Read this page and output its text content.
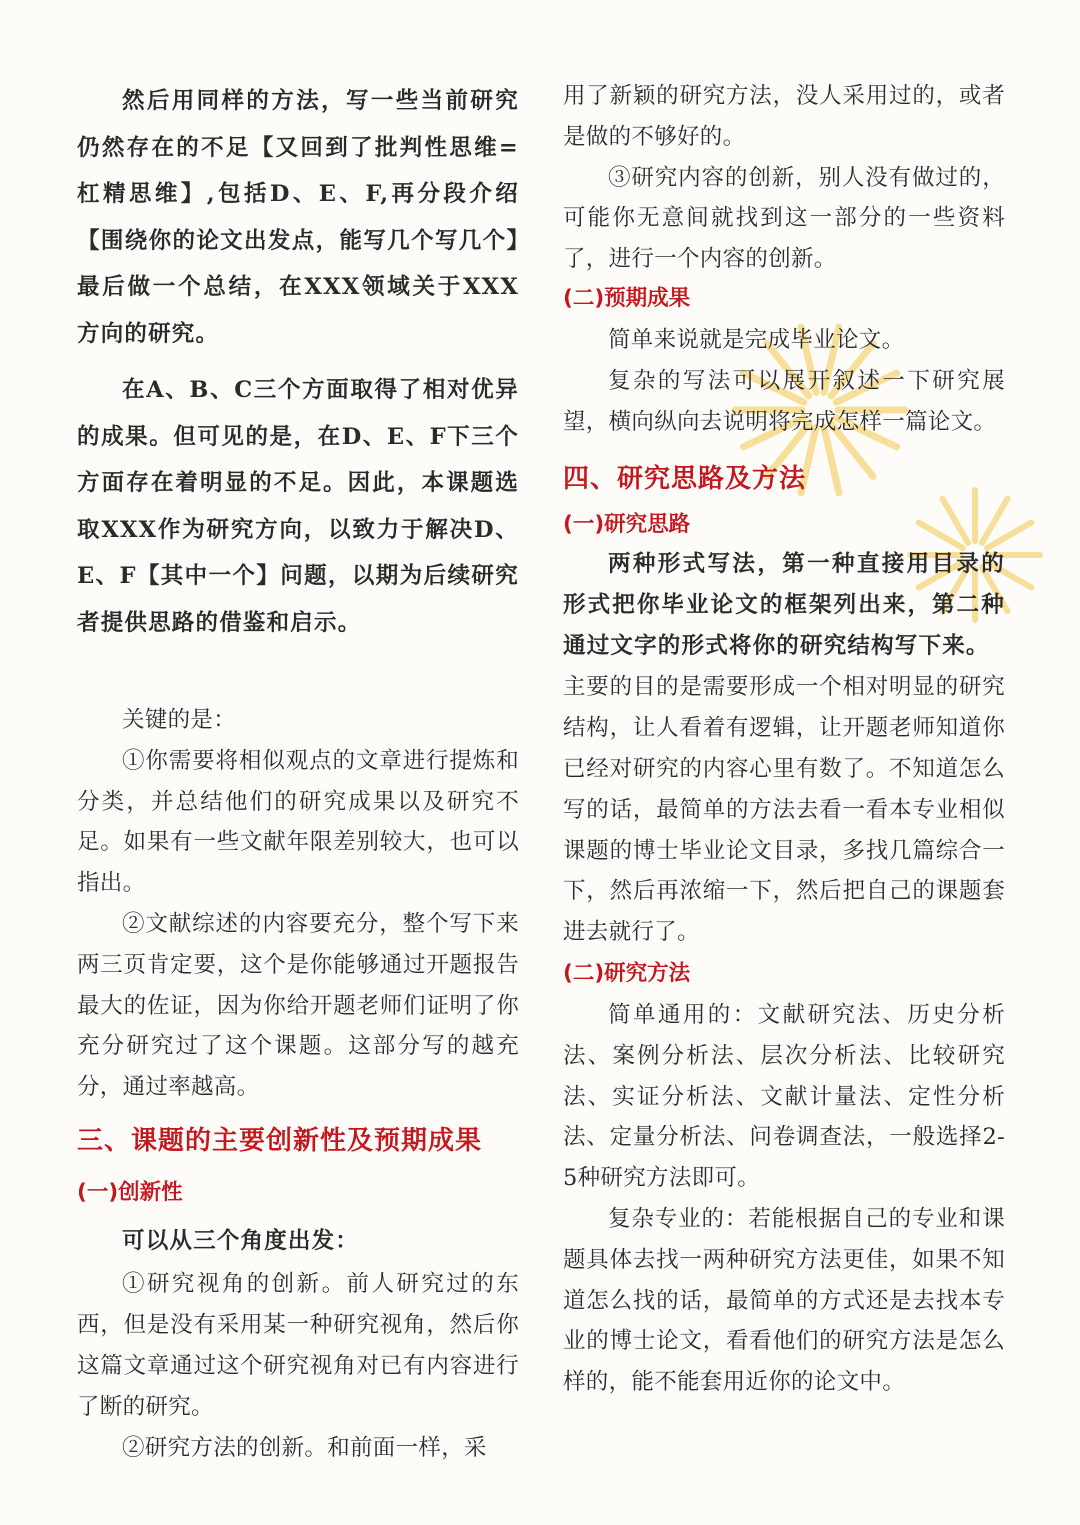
然后用同样的方法，写一些当前研究仍然存在的不足【又回到了批判性思维=杠精思维】,包括D、E、F,再分段介绍【围绕你的论文出发点，能写几个写几个】最后做一个总结，在XXX领域关于XXX方向的研究。

在A、B、C三个方面取得了相对优异的成果。但可见的是，在D、E、F下三个方面存在着明显的不足。因此，本课题选取XXX作为研究方向，以致力于解决D、E、F【其中一个】问题，以期为后续研究者提供思路的借鉴和启示。

关键的是：

①你需要将相似观点的文章进行提炼和分类，并总结他们的研究成果以及研究不足。如果有一些文献年限差别较大，也可以指出。

②文献综述的内容要充分，整个写下来两三页肯定要，这个是你能够通过开题报告最大的佐证，因为你给开题老师们证明了你充分研究过了这个课题。这部分写的越充分，通过率越高。

三、课题的主要创新性及预期成果
(一)创新性

可以从三个角度出发：

①研究视角的创新。前人研究过的东西，但是没有采用某一种研究视角，然后你这篇文章通过这个研究视角对已有内容进行了断的研究。

②研究方法的创新。和前面一样，采

用了新颖的研究方法，没人采用过的，或者是做的不够好的。

③研究内容的创新，别人没有做过的，可能你无意间就找到这一部分的一些资料了，进行一个内容的创新。

(二)预期成果

简单来说就是完成毕业论文。

复杂的写法可以展开叙述一下研究展望，横向纵向去说明将完成怎样一篇论文。

四、研究思路及方法
(一)研究思路

两种形式写法，第一种直接用目录的形式把你毕业论文的框架列出来，第二种通过文字的形式将你的研究结构写下来。

主要的目的是需要形成一个相对明显的研究结构，让人看着有逻辑，让开题老师知道你已经对研究的内容心里有数了。不知道怎么写的话，最简单的方法去看一看本专业相似课题的博士毕业论文目录，多找几篇综合一下，然后再浓缩一下，然后把自己的课题套进去就行了。

(二)研究方法

简单通用的：文献研究法、历史分析法、案例分析法、层次分析法、比较研究法、实证分析法、文献计量法、定性分析法、定量分析法、问卷调查法，一般选择2-5种研究方法即可。

复杂专业的：若能根据自己的专业和课题具体去找一两种研究方法更佳，如果不知道怎么找的话，最简单的方式还是去找本专业的博士论文，看看他们的研究方法是怎么样的，能不能套用近你的论文中。
